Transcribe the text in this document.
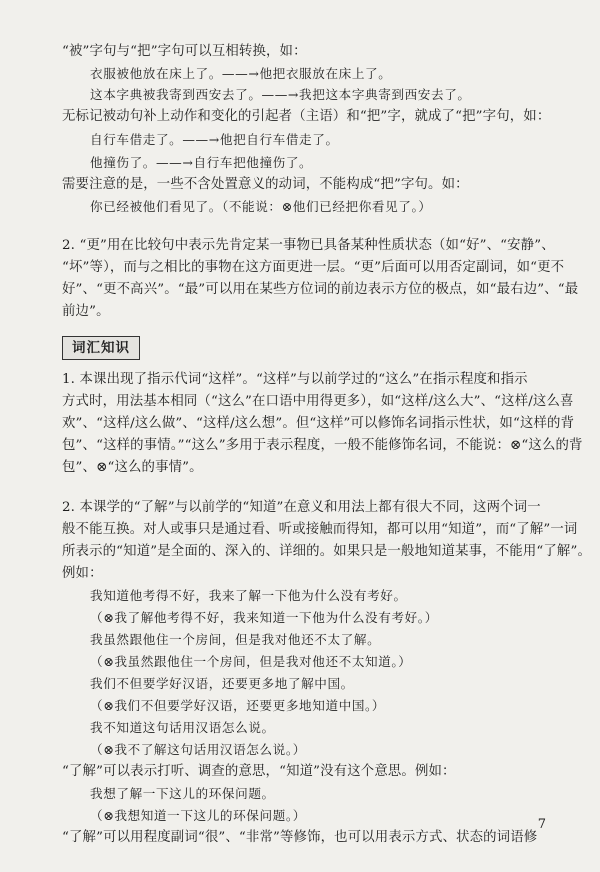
“被”字句与“把”字句可以互相转换，如：
衣服被他放在床上了。——→他把衣服放在床上了。
这本字典被我寄到西安去了。——→我把这本字典寄到西安去了。
无标记被动句补上动作和变化的引起者（主语）和“把”字，就成了“把”字句，如：
自行车借走了。——→他把自行车借走了。
他撞伤了。——→自行车把他撞伤了。
需要注意的是，一些不含处置意义的动词，不能构成“把”字句。如：
你已经被他们看见了。（不能说：⊗他们已经把你看见了。）
2. “更”用在比较句中表示先肯定某一事物已具备某种性质状态（如“好”、“安静”、
“坏”等），而与之相比的事物在这方面更进一层。“更”后面可以用否定副词，如“更不
好”、“更不高兴”。“最”可以用在某些方位词的前边表示方位的极点，如“最右边”、“最
前边”。
词汇知识
1. 本课出现了指示代词“这样”。“这样”与以前学过的“这么”在指示程度和指示
方式时，用法基本相同（“这么”在口语中用得更多），如“这样/这么大”、“这样/这么喜
欢”、“这样/这么做”、“这样/这么想”。但“这样”可以修饰名词指示性状，如“这样的背
包”、“这样的事情。”“这么”多用于表示程度，一般不能修饰名词，不能说：⊗“这么的背
包”、⊗“这么的事情”。
2. 本课学的“了解”与以前学的“知道”在意义和用法上都有很大不同，这两个词一
般不能互换。对人或事只是通过看、听或接触而得知，都可以用“知道”，而“了解”一词
所表示的“知道”是全面的、深入的、详细的。如果只是一般地知道某事，不能用“了解”。
例如：
我知道他考得不好，我来了解一下他为什么没有考好。
（⊗我了解他考得不好，我来知道一下他为什么没有考好。）
我虽然跟他住一个房间，但是我对他还不太了解。
（⊗我虽然跟他住一个房间，但是我对他还不太知道。）
我们不但要学好汉语，还要更多地了解中国。
（⊗我们不但要学好汉语，还要更多地知道中国。）
我不知道这句话用汉语怎么说。
（⊗我不了解这句话用汉语怎么说。）
“了解”可以表示打听、调查的意思，“知道”没有这个意思。例如：
我想了解一下这儿的环保问题。
（⊗我想知道一下这儿的环保问题。）
“了解”可以用程度副词“很”、“非常”等修饰，也可以用表示方式、状态的词语修
7
